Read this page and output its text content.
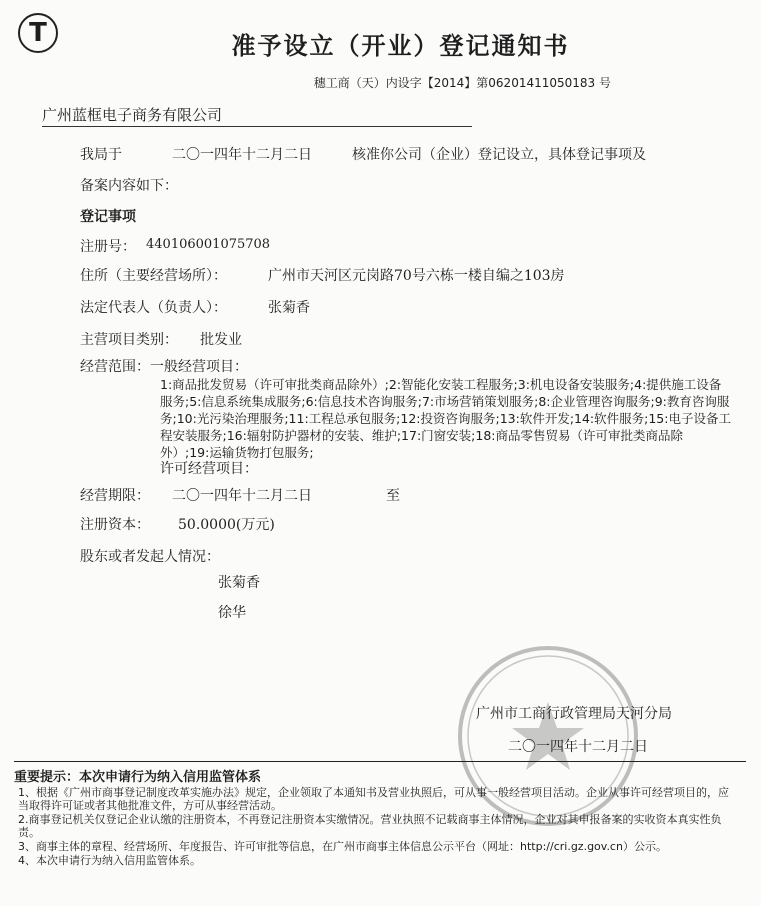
T	准予设立（开业）登记通知书
穗工商（天）内设字【2014】第06201411050183 号
广州蓝框电子商务有限公司
我局于	二〇一四年十二月二日	核准你公司（企业）登记设立，具体登记事项及
备案内容如下：
登记事项
注册号： 440106001075708
住所（主要经营场所）：	广州市天河区元岗路70号六栋一楼自编之103房
法定代表人（负责人）：	张菊香
主营项目类别： 批发业
经营范围：一般经营项目：
1:商品批发贸易（许可审批类商品除外）;2:智能化安装工程服务;3:机电设备安装服务;4:提供施工设备服务;5:信息系统集成服务;6:信息技术咨询服务;7:市场营销策划服务;8:企业管理咨询服务;9:教育咨询服务;10:光污染治理服务;11:工程总承包服务;12:投资咨询服务;13:软件开发;14:软件服务;15:电子设备工程安装服务;16:辐射防护器材的安装、维护;17:门窗安装;18:商品零售贸易（许可审批类商品除外）;19:运输货物打包服务;
许可经营项目：
经营期限： 二〇一四年十二月二日	至
注册资本： 50.0000(万元)
股东或者发起人情况：
张菊香
徐华
广州市工商行政管理局天河分局
二〇一四年十二月二日
重要提示：本次申请行为纳入信用监管体系
1、根据《广州市商事登记制度改革实施办法》规定，企业领取了本通知书及营业执照后，可从事一般经营项目活动。企业从事许可经营项目的，应当取得许可证或者其他批准文件，方可从事经营活动。
2.商事登记机关仅登记企业认缴的注册资本，不再登记注册资本实缴情况。营业执照不记载商事主体情况，企业对其申报备案的实收资本真实性负责。
3、商事主体的章程、经营场所、年度报告、许可审批等信息，在广州市商事主体信息公示平台（网址：http://cri.gz.gov.cn）公示。
4、本次申请行为纳入信用监管体系。
